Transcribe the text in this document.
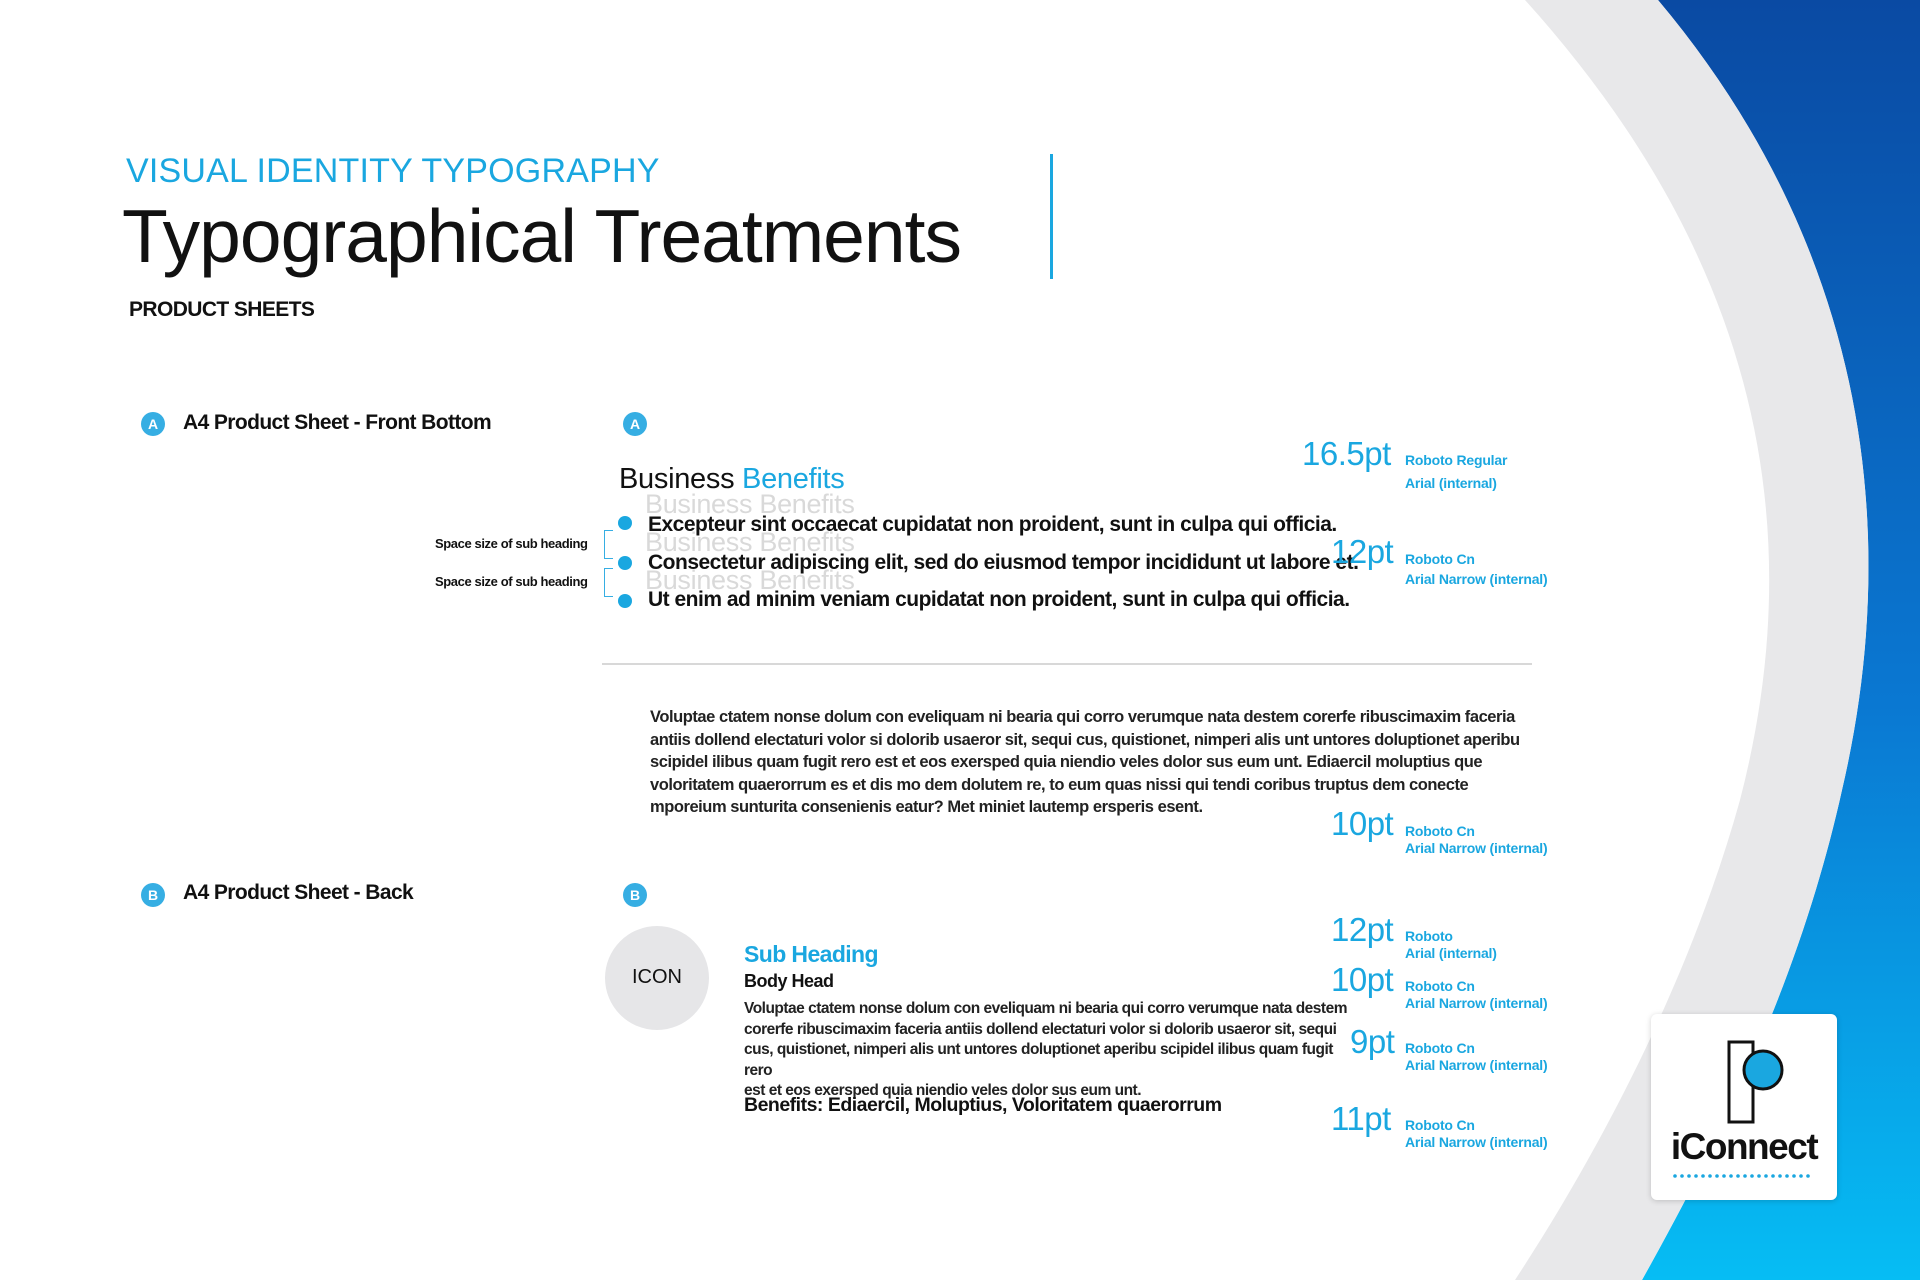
VISUAL IDENTITY TYPOGRAPHY
Typographical Treatments
PRODUCT SHEETS
A	A4 Product Sheet - Front Bottom	A
Business Benefits
Business Benefits
Business Benefits
Business Benefits
Excepteur sint occaecat cupidatat non proident, sunt in culpa qui officia.
Consectetur adipiscing elit, sed do eiusmod tempor incididunt ut labore et.
Ut enim ad minim veniam cupidatat non proident, sunt in culpa qui officia.
Space size of sub heading
Space size of sub heading
Voluptae ctatem nonse dolum con eveliquam ni bearia qui corro verumque nata destem corerfe ribuscimaxim faceria
antiis dollend electaturi volor si dolorib usaeror sit, sequi cus, quistionet, nimperi alis unt untores doluptionet aperibu
scipidel ilibus quam fugit rero est et eos exersped quia niendio veles dolor sus eum unt. Ediaercil moluptius que
voloritatem quaerorrum es et dis mo dem dolutem re, to eum quas nissi qui tendi coribus truptus dem conecte
mporeium sunturita consenienis eatur? Met miniet lautemp ersperis esent.
B	A4 Product Sheet - Back	B
ICON
Sub Heading
Body Head
Voluptae ctatem nonse dolum con eveliquam ni bearia qui corro verumque nata destem
corerfe ribuscimaxim faceria antiis dollend electaturi volor si dolorib usaeror sit, sequi
cus, quistionet, nimperi alis unt untores doluptionet aperibu scipidel ilibus quam fugit rero
est et eos exersped quia niendio veles dolor sus eum unt.
Benefits: Ediaercil, Moluptius, Voloritatem quaerorrum
16.5pt Roboto Regular
Arial (internal)
12pt Roboto Cn
Arial Narrow (internal)
10pt Roboto Cn
Arial Narrow (internal)
12pt Roboto
Arial (internal)
10pt Roboto Cn
Arial Narrow (internal)
9pt Roboto Cn
Arial Narrow (internal)
11pt Roboto Cn
Arial Narrow (internal)	iConnect
